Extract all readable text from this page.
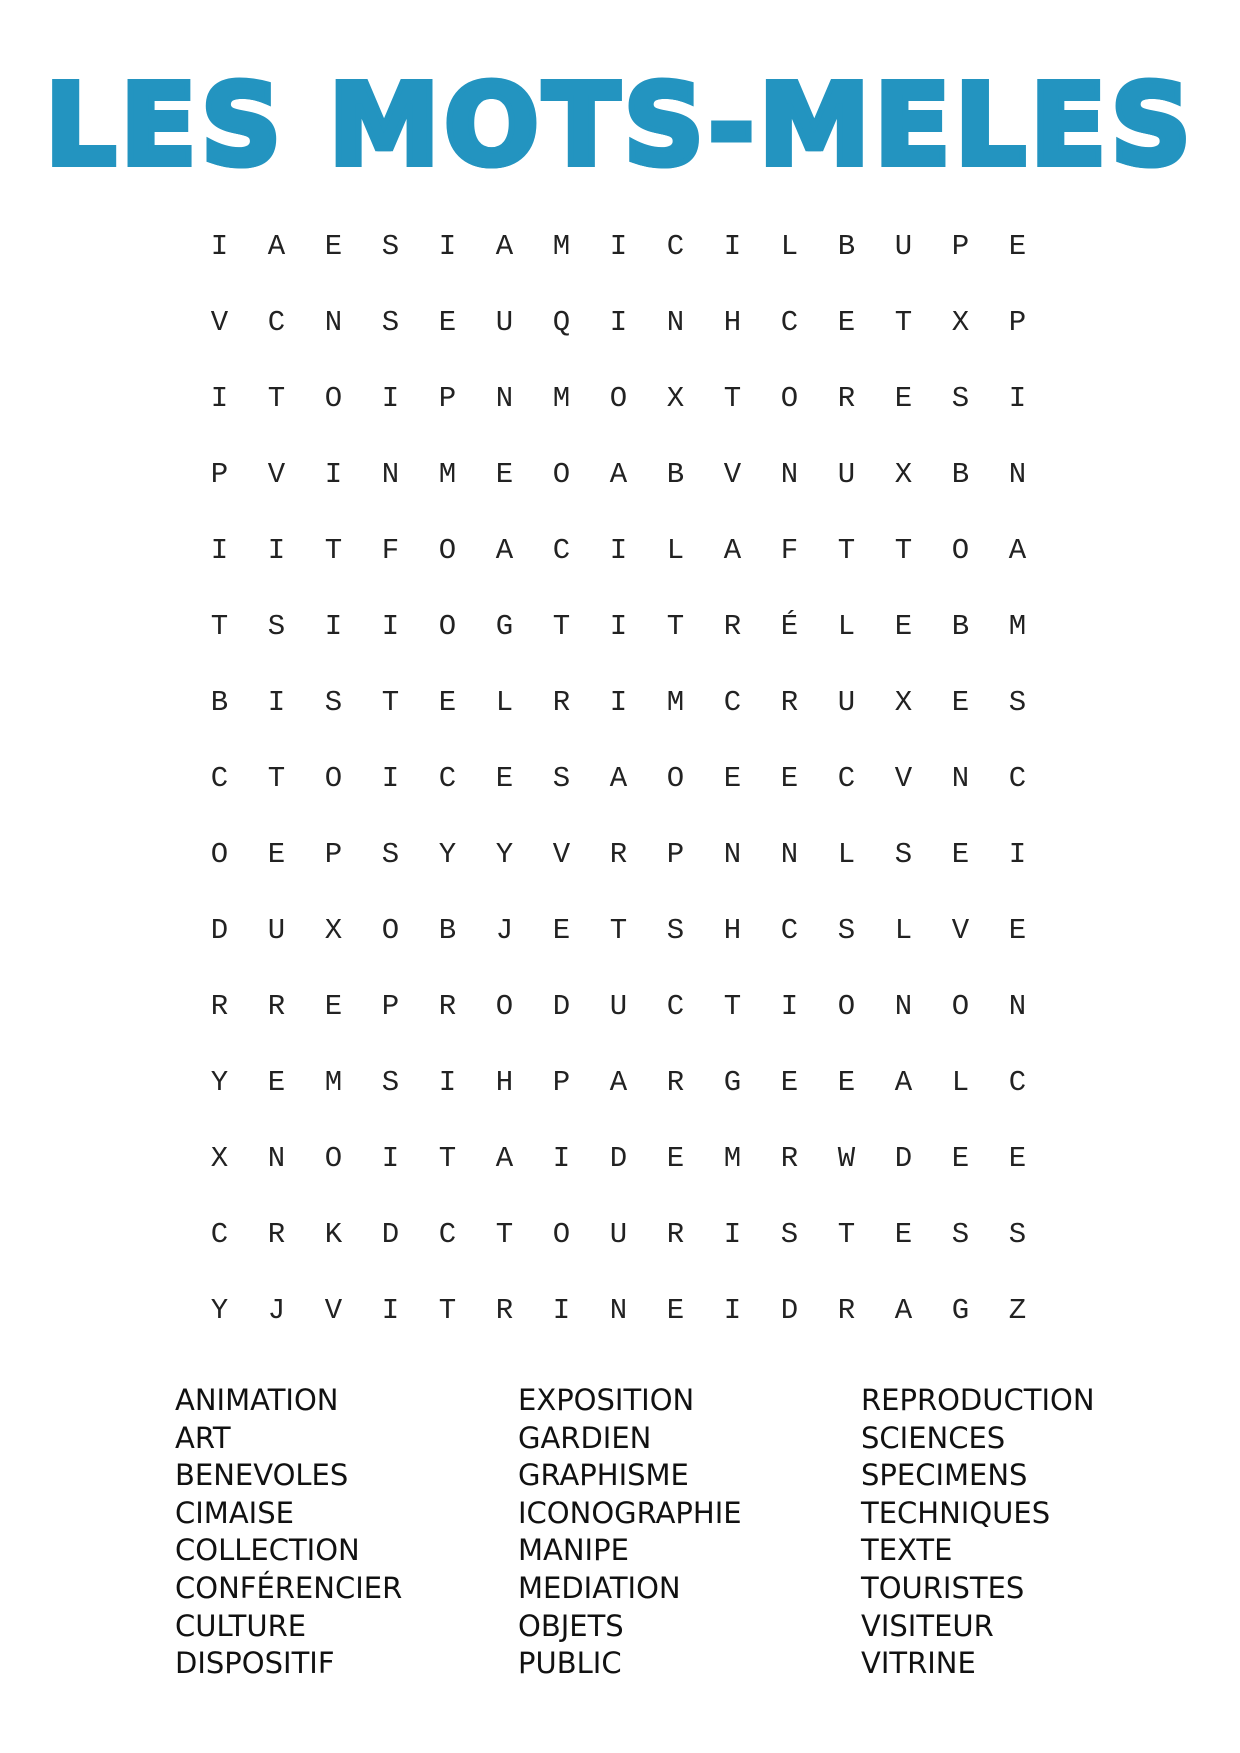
LES MOTS-MELES
I	A	E	S	I	A	M	I	C	I	L	B	U	P	E
V	C	N	S	E	U	Q	I	N	H	C	E	T	X	P
I	T	O	I	P	N	M	O	X	T	O	R	E	S	I
P	V	I	N	M	E	O	A	B	V	N	U	X	B	N
I	I	T	F	O	A	C	I	L	A	F	T	T	O	A
T	S	I	I	O	G	T	I	T	R	É	L	E	B	M
B	I	S	T	E	L	R	I	M	C	R	U	X	E	S
C	T	O	I	C	E	S	A	O	E	E	C	V	N	C
O	E	P	S	Y	Y	V	R	P	N	N	L	S	E	I
D	U	X	O	B	J	E	T	S	H	C	S	L	V	E
R	R	E	P	R	O	D	U	C	T	I	O	N	O	N
Y	E	M	S	I	H	P	A	R	G	E	E	A	L	C
X	N	O	I	T	A	I	D	E	M	R	W	D	E	E
C	R	K	D	C	T	O	U	R	I	S	T	E	S	S
Y	J	V	I	T	R	I	N	E	I	D	R	A	G	Z
ANIMATION
ART
BENEVOLES
CIMAISE
COLLECTION
CONFÉRENCIER
CULTURE
DISPOSITIF
EXPOSITION
GARDIEN
GRAPHISME
ICONOGRAPHIE
MANIPE
MEDIATION
OBJETS
PUBLIC
REPRODUCTION
SCIENCES
SPECIMENS
TECHNIQUES
TEXTE
TOURISTES
VISITEUR
VITRINE
